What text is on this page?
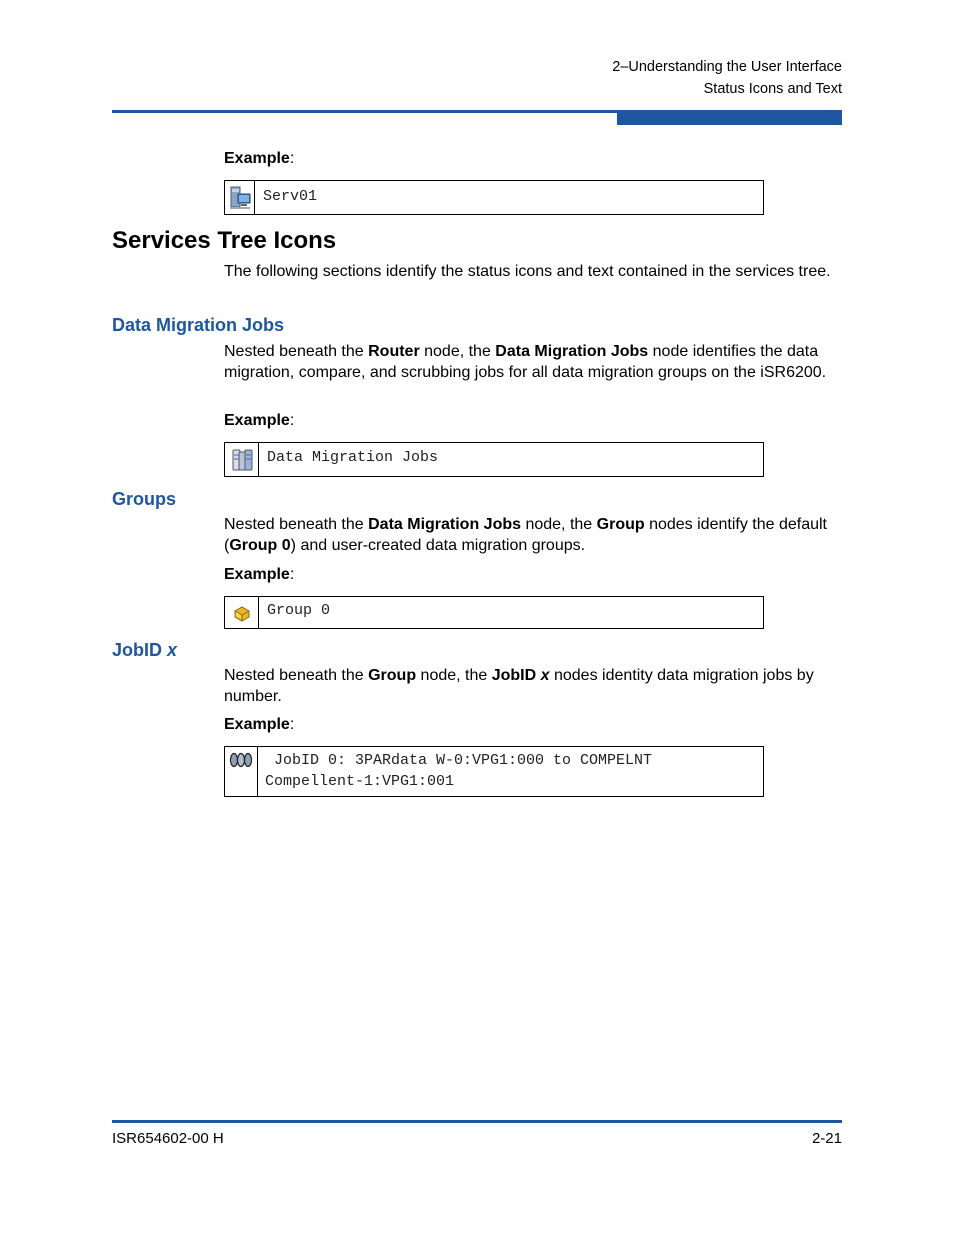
2–Understanding the User Interface
Status Icons and Text
Example:
Serv01
Services Tree Icons
The following sections identify the status icons and text contained in the services tree.
Data Migration Jobs
Nested beneath the Router node, the Data Migration Jobs node identifies the data migration, compare, and scrubbing jobs for all data migration groups on the iSR6200.
Example:
Data Migration Jobs
Groups
Nested beneath the Data Migration Jobs node, the Group nodes identify the default (Group 0) and user-created data migration groups.
Example:
Group 0
JobID x
Nested beneath the Group node, the JobID x nodes identity data migration jobs by number.
Example:
JobID 0: 3PARdata W-0:VPG1:000 to COMPELNT
Compellent-1:VPG1:001
ISR654602-00 H	2-21
